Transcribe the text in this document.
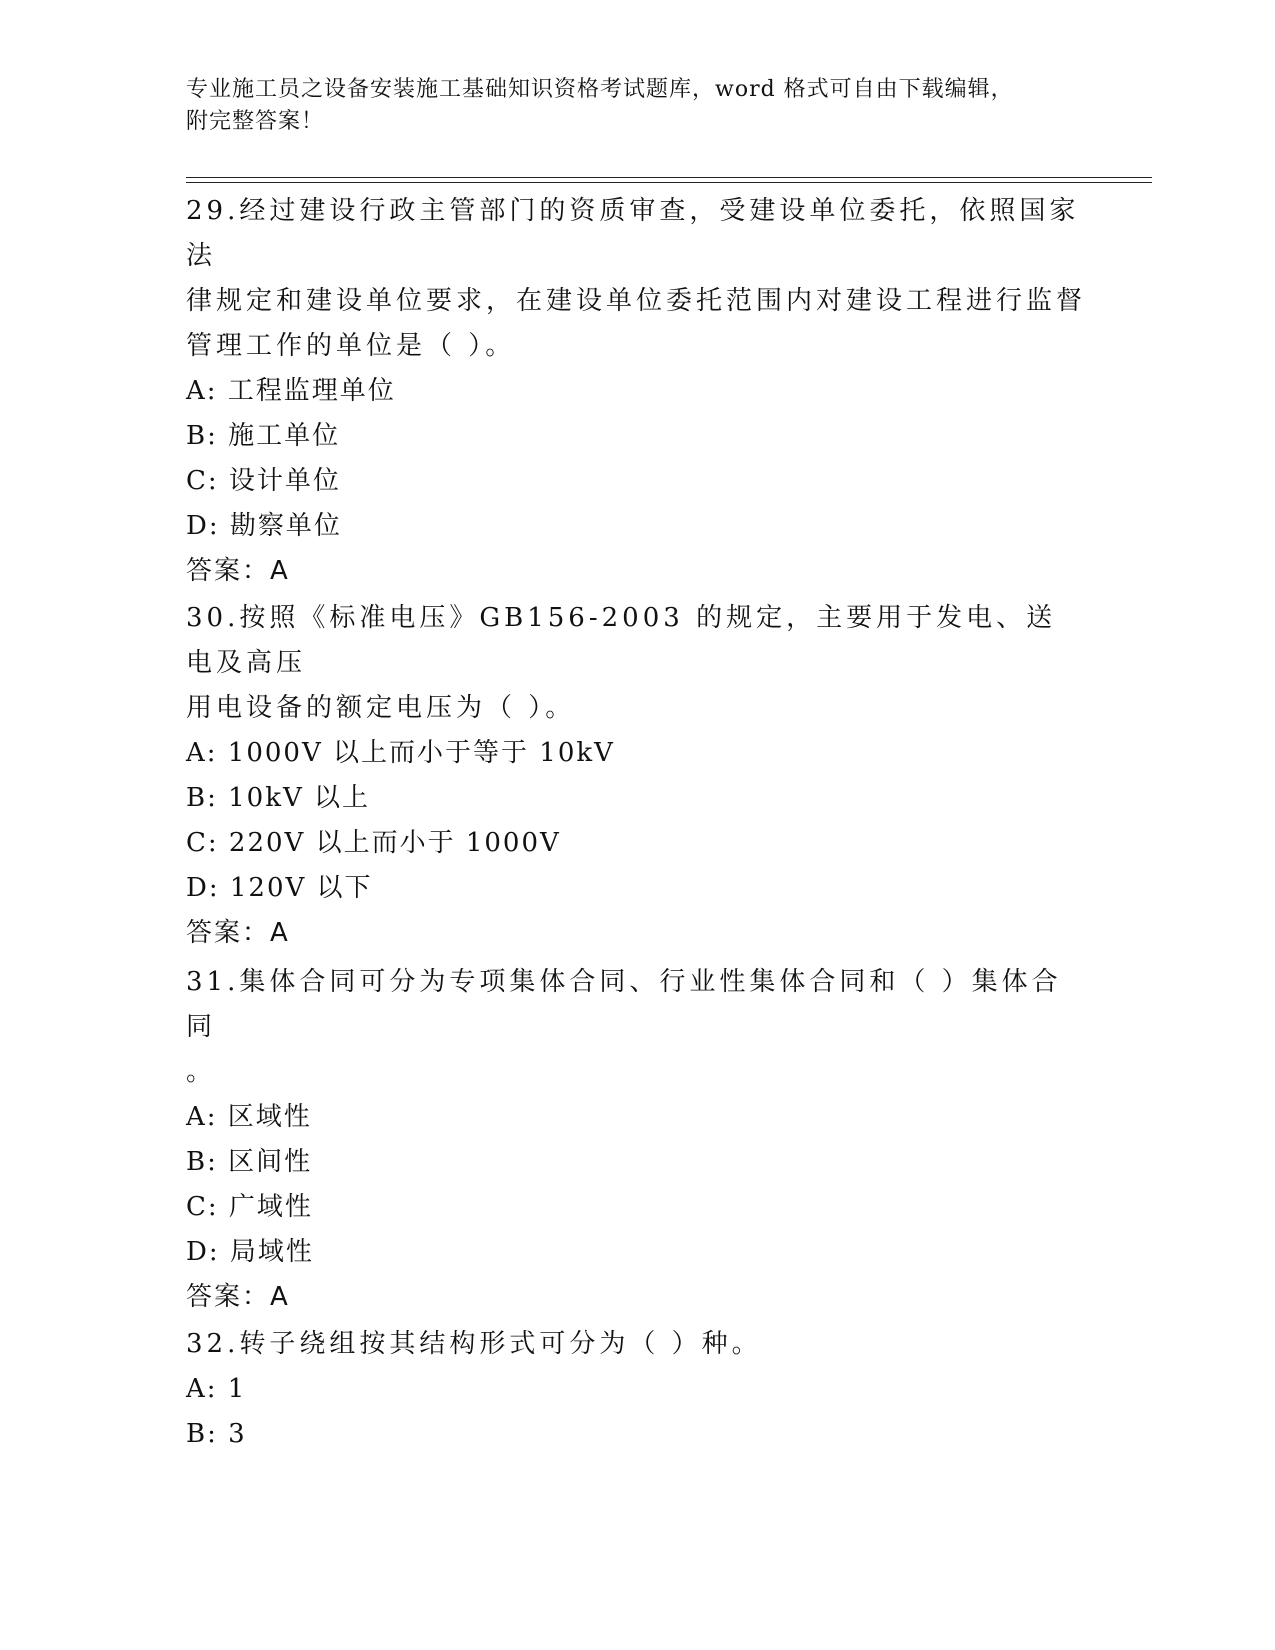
专业施工员之设备安装施工基础知识资格考试题库，word 格式可自由下载编辑，
附完整答案！

29.经过建设行政主管部门的资质审查，受建设单位委托，依照国家法

律规定和建设单位要求，在建设单位委托范围内对建设工程进行监督

管理工作的单位是（ ）。

A: 工程监理单位

B: 施工单位

C: 设计单位

D: 勘察单位

答案：A

30.按照《标准电压》GB156-2003 的规定，主要用于发电、送电及高压

用电设备的额定电压为（ ）。

A: 1000V 以上而小于等于 10kV

B: 10kV 以上

C: 220V 以上而小于 1000V

D: 120V 以下

答案：A

31.集体合同可分为专项集体合同、行业性集体合同和（ ）集体合同

。

A: 区域性

B: 区间性

C: 广域性

D: 局域性

答案：A

32.转子绕组按其结构形式可分为（ ）种。

A: 1

B: 3
